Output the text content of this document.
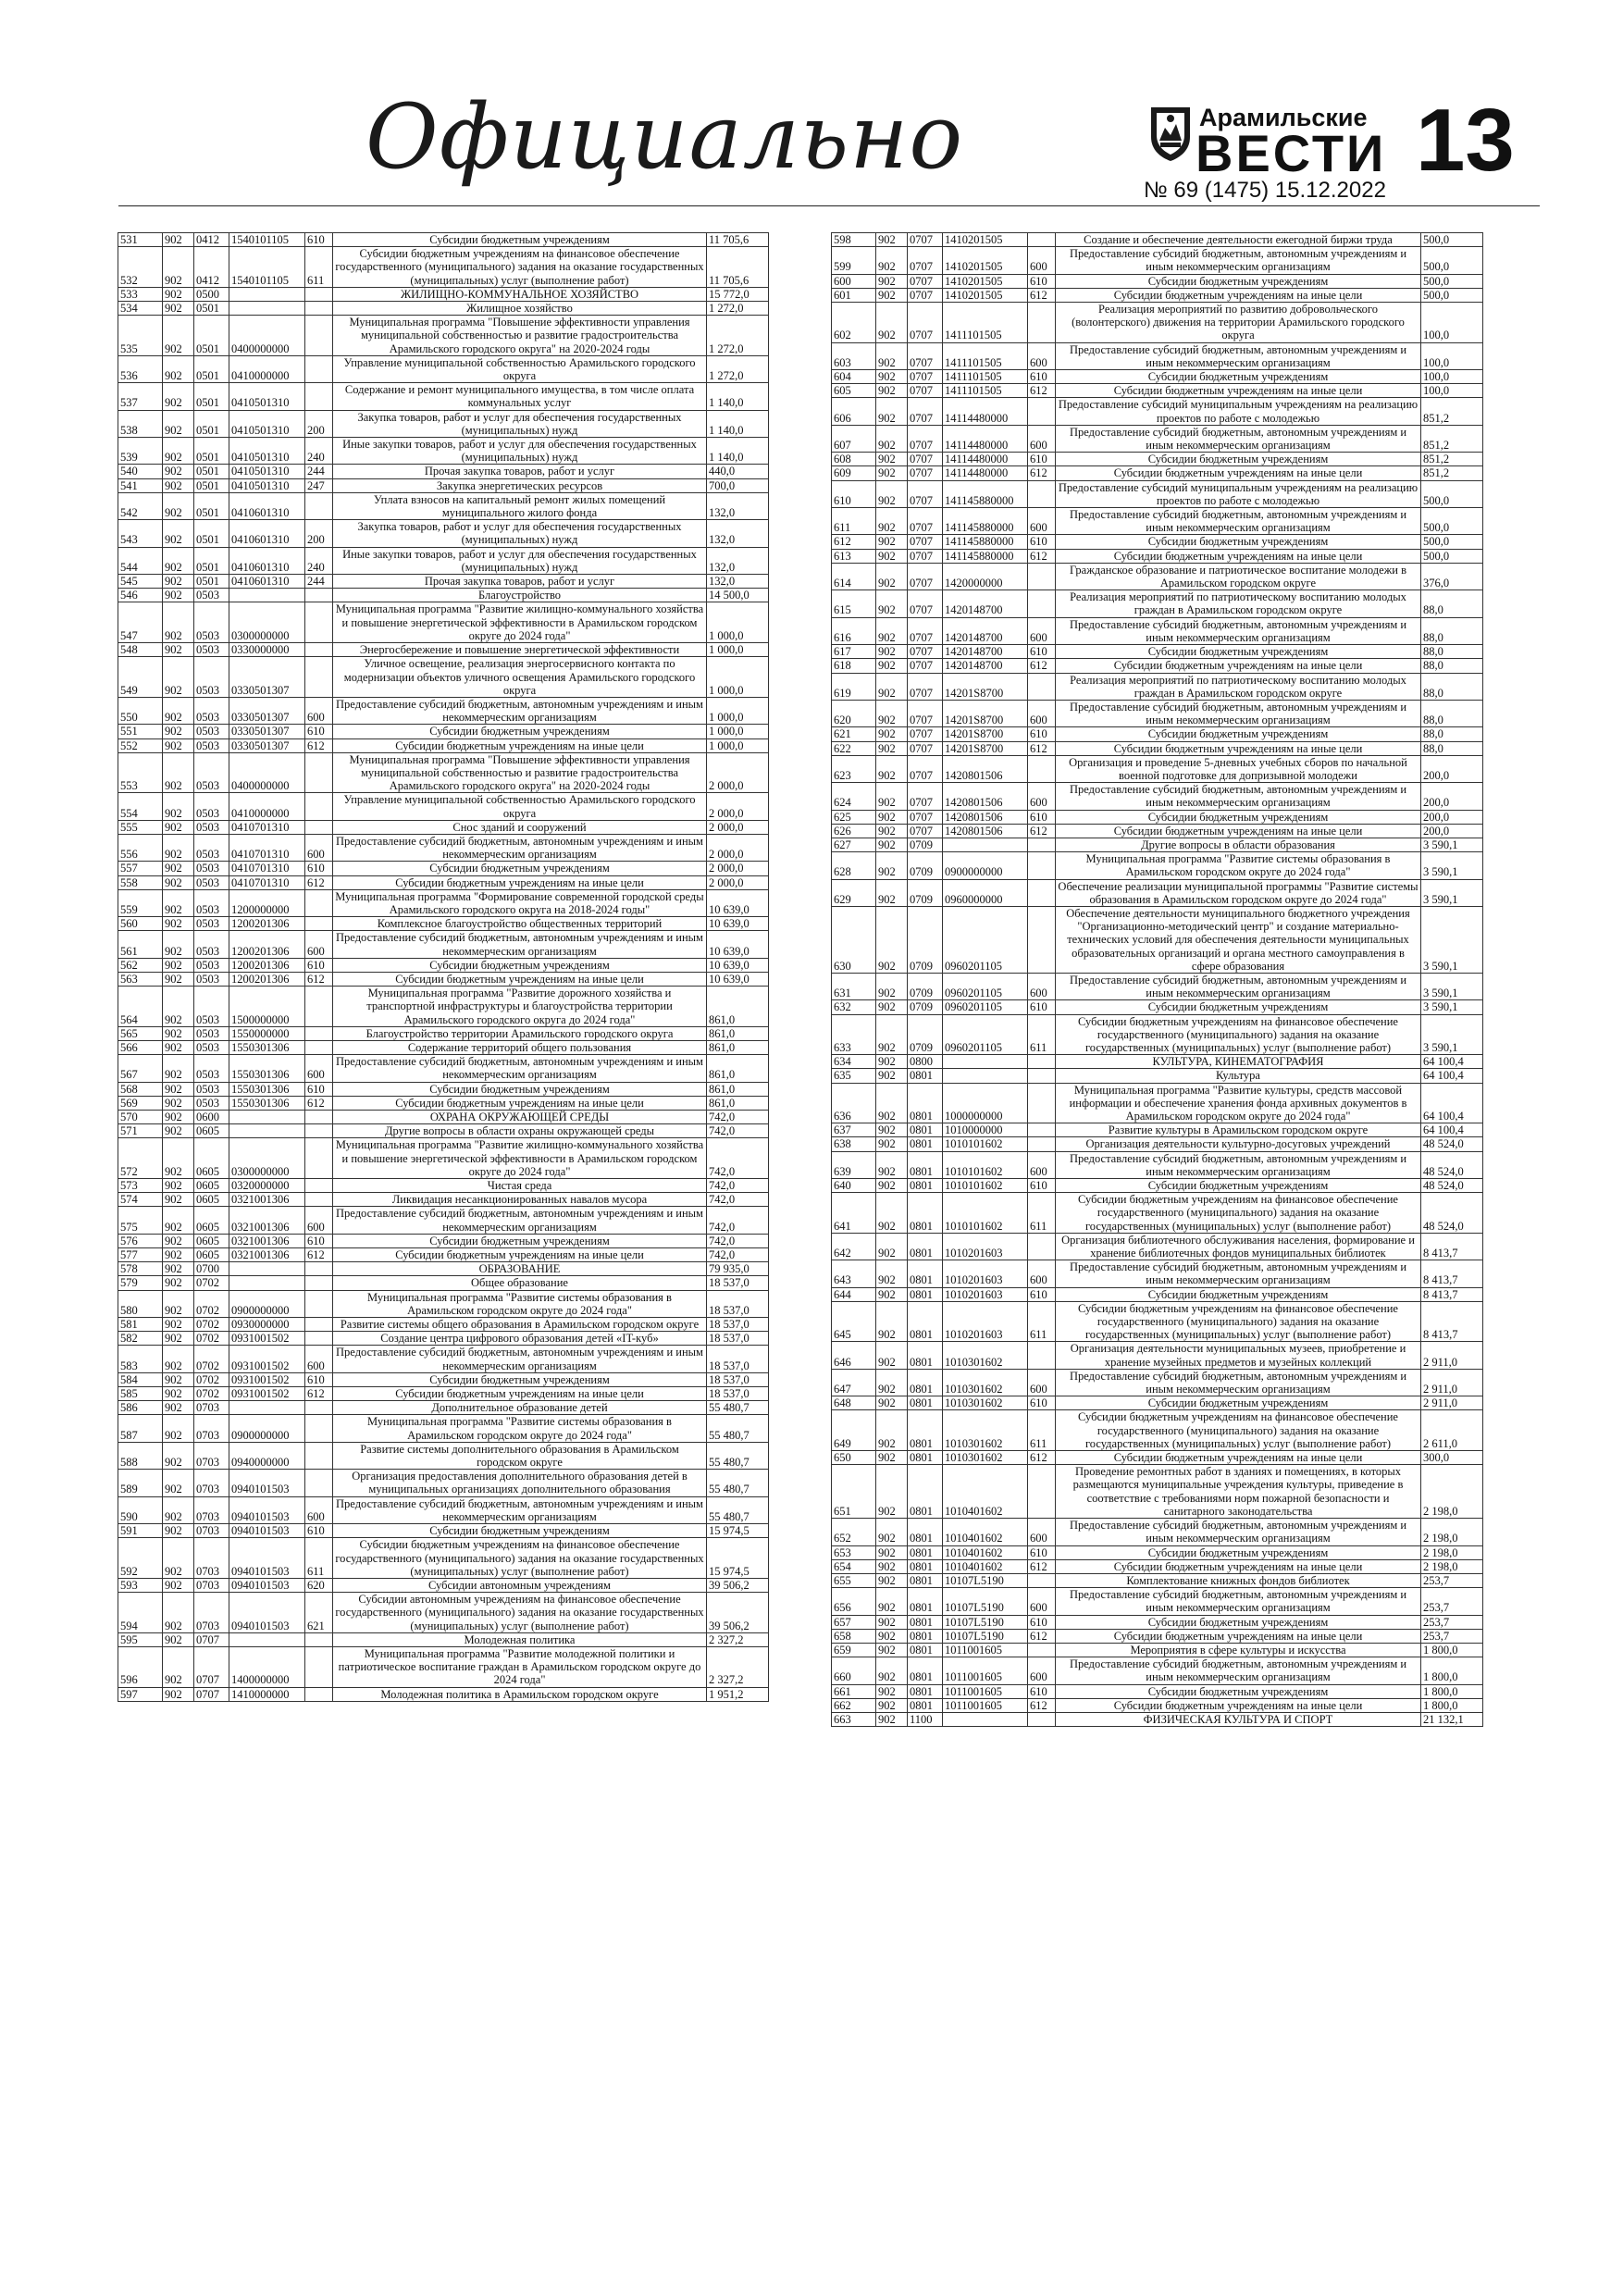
Официально	Арамильские
ВЕСТИ
№ 69 (1475) 15.12.2022
13
531	902	0412	1540101105	610	Субсидии бюджетным учреждениям	11 705,6
532	902	0412	1540101105	611	Субсидии бюджетным учреждениям на финансовое обеспечение государственного (муниципального) задания на оказание государственных (муниципальных) услуг (выполнение работ)	11 705,6
533	902	0500			ЖИЛИЩНО-КОММУНАЛЬНОЕ ХОЗЯЙСТВО	15 772,0
534	902	0501			Жилищное хозяйство	1 272,0
535	902	0501	0400000000		Муниципальная программа "Повышение эффективности управления муниципальной собственностью и развитие градостроительства Арамильского городского округа" на 2020-2024 годы	1 272,0
536	902	0501	0410000000		Управление муниципальной собственностью Арамильского городского округа	1 272,0
537	902	0501	0410501310		Содержание и ремонт муниципального имущества, в том числе оплата коммунальных услуг	1 140,0
538	902	0501	0410501310	200	Закупка товаров, работ и услуг для обеспечения государственных (муниципальных) нужд	1 140,0
539	902	0501	0410501310	240	Иные закупки товаров, работ и услуг для обеспечения государственных (муниципальных) нужд	1 140,0
540	902	0501	0410501310	244	Прочая закупка товаров, работ и услуг	440,0
541	902	0501	0410501310	247	Закупка энергетических ресурсов	700,0
542	902	0501	0410601310		Уплата взносов на капитальный ремонт жилых помещений муниципального жилого фонда	132,0
543	902	0501	0410601310	200	Закупка товаров, работ и услуг для обеспечения государственных (муниципальных) нужд	132,0
544	902	0501	0410601310	240	Иные закупки товаров, работ и услуг для обеспечения государственных (муниципальных) нужд	132,0
545	902	0501	0410601310	244	Прочая закупка товаров, работ и услуг	132,0
546	902	0503			Благоустройство	14 500,0
547	902	0503	0300000000		Муниципальная программа "Развитие жилищно-коммунального хозяйства и повышение энергетической эффективности в Арамильском городском округе до 2024 года"	1 000,0
548	902	0503	0330000000		Энергосбережение и повышение энергетической эффективности	1 000,0
549	902	0503	0330501307		Уличное освещение, реализация энергосервисного контакта по модернизации объектов уличного освещения Арамильского городского округа	1 000,0
550	902	0503	0330501307	600	Предоставление субсидий бюджетным, автономным учреждениям и иным некоммерческим организациям	1 000,0
551	902	0503	0330501307	610	Субсидии бюджетным учреждениям	1 000,0
552	902	0503	0330501307	612	Субсидии бюджетным учреждениям на иные цели	1 000,0
553	902	0503	0400000000		Муниципальная программа "Повышение эффективности управления муниципальной собственностью и развитие градостроительства Арамильского городского округа" на 2020-2024 годы	2 000,0
554	902	0503	0410000000		Управление муниципальной собственностью Арамильского городского округа	2 000,0
555	902	0503	0410701310		Снос зданий и сооружений	2 000,0
556	902	0503	0410701310	600	Предоставление субсидий бюджетным, автономным учреждениям и иным некоммерческим организациям	2 000,0
557	902	0503	0410701310	610	Субсидии бюджетным учреждениям	2 000,0
558	902	0503	0410701310	612	Субсидии бюджетным учреждениям на иные цели	2 000,0
559	902	0503	1200000000		Муниципальная программа "Формирование современной городской среды Арамильского городского округа на 2018-2024 годы"	10 639,0
560	902	0503	1200201306		Комплексное благоустройство общественных территорий	10 639,0
561	902	0503	1200201306	600	Предоставление субсидий бюджетным, автономным учреждениям и иным некоммерческим организациям	10 639,0
562	902	0503	1200201306	610	Субсидии бюджетным учреждениям	10 639,0
563	902	0503	1200201306	612	Субсидии бюджетным учреждениям на иные цели	10 639,0
564	902	0503	1500000000		Муниципальная программа "Развитие дорожного хозяйства и транспортной инфраструктуры и благоустройства территории Арамильского городского округа до 2024 года"	861,0
565	902	0503	1550000000		Благоустройство территории Арамильского городского округа	861,0
566	902	0503	1550301306		Содержание территорий общего пользования	861,0
567	902	0503	1550301306	600	Предоставление субсидий бюджетным, автономным учреждениям и иным некоммерческим организациям	861,0
568	902	0503	1550301306	610	Субсидии бюджетным учреждениям	861,0
569	902	0503	1550301306	612	Субсидии бюджетным учреждениям на иные цели	861,0
570	902	0600			ОХРАНА ОКРУЖАЮЩЕЙ СРЕДЫ	742,0
571	902	0605			Другие вопросы в области охраны окружающей среды	742,0
572	902	0605	0300000000		Муниципальная программа "Развитие жилищно-коммунального хозяйства и повышение энергетической эффективности в Арамильском городском округе до 2024 года"	742,0
573	902	0605	0320000000		Чистая среда	742,0
574	902	0605	0321001306		Ликвидация несанкционированных навалов мусора	742,0
575	902	0605	0321001306	600	Предоставление субсидий бюджетным, автономным учреждениям и иным некоммерческим организациям	742,0
576	902	0605	0321001306	610	Субсидии бюджетным учреждениям	742,0
577	902	0605	0321001306	612	Субсидии бюджетным учреждениям на иные цели	742,0
578	902	0700			ОБРАЗОВАНИЕ	79 935,0
579	902	0702			Общее образование	18 537,0
580	902	0702	0900000000		Муниципальная программа "Развитие системы образования в Арамильском городском округе до 2024 года"	18 537,0
581	902	0702	0930000000		Развитие системы общего образования в Арамильском городском округе	18 537,0
582	902	0702	0931001502		Создание центра цифрового образования детей «IT-куб»	18 537,0
583	902	0702	0931001502	600	Предоставление субсидий бюджетным, автономным учреждениям и иным некоммерческим организациям	18 537,0
584	902	0702	0931001502	610	Субсидии бюджетным учреждениям	18 537,0
585	902	0702	0931001502	612	Субсидии бюджетным учреждениям на иные цели	18 537,0
586	902	0703			Дополнительное образование детей	55 480,7
587	902	0703	0900000000		Муниципальная программа "Развитие системы образования в Арамильском городском округе до 2024 года"	55 480,7
588	902	0703	0940000000		Развитие системы дополнительного образования в Арамильском городском округе	55 480,7
589	902	0703	0940101503		Организация предоставления дополнительного образования детей в муниципальных организациях дополнительного образования	55 480,7
590	902	0703	0940101503	600	Предоставление субсидий бюджетным, автономным учреждениям и иным некоммерческим организациям	55 480,7
591	902	0703	0940101503	610	Субсидии бюджетным учреждениям	15 974,5
592	902	0703	0940101503	611	Субсидии бюджетным учреждениям на финансовое обеспечение государственного (муниципального) задания на оказание государственных (муниципальных) услуг (выполнение работ)	15 974,5
593	902	0703	0940101503	620	Субсидии автономным учреждениям	39 506,2
594	902	0703	0940101503	621	Субсидии автономным учреждениям на финансовое обеспечение государственного (муниципального) задания на оказание государственных (муниципальных) услуг (выполнение работ)	39 506,2
595	902	0707			Молодежная политика	2 327,2
596	902	0707	1400000000		Муниципальная программа "Развитие молодежной политики и патриотическое воспитание граждан в Арамильском городском округе до 2024 года"	2 327,2
597	902	0707	1410000000		Молодежная политика в Арамильском городском округе	1 951,2
598	902	0707	1410201505		Создание и обеспечение деятельности ежегодной биржи труда	500,0
599	902	0707	1410201505	600	Предоставление субсидий бюджетным, автономным учреждениям и иным некоммерческим организациям	500,0
600	902	0707	1410201505	610	Субсидии бюджетным учреждениям	500,0
601	902	0707	1410201505	612	Субсидии бюджетным учреждениям на иные цели	500,0
602	902	0707	1411101505		Реализация мероприятий по развитию добровольческого (волонтерского) движения на территории Арамильского городского округа	100,0
603	902	0707	1411101505	600	Предоставление субсидий бюджетным, автономным учреждениям и иным некоммерческим организациям	100,0
604	902	0707	1411101505	610	Субсидии бюджетным учреждениям	100,0
605	902	0707	1411101505	612	Субсидии бюджетным учреждениям на иные цели	100,0
606	902	0707	14114480000		Предоставление субсидий муниципальным учреждениям на реализацию проектов по работе с молодежью	851,2
607	902	0707	14114480000	600	Предоставление субсидий бюджетным, автономным учреждениям и иным некоммерческим организациям	851,2
608	902	0707	14114480000	610	Субсидии бюджетным учреждениям	851,2
609	902	0707	14114480000	612	Субсидии бюджетным учреждениям на иные цели	851,2
610	902	0707	141145880000		Предоставление субсидий муниципальным учреждениям на реализацию проектов по работе с молодежью	500,0
611	902	0707	141145880000	600	Предоставление субсидий бюджетным, автономным учреждениям и иным некоммерческим организациям	500,0
612	902	0707	141145880000	610	Субсидии бюджетным учреждениям	500,0
613	902	0707	141145880000	612	Субсидии бюджетным учреждениям на иные цели	500,0
614	902	0707	1420000000		Гражданское образование и патриотическое воспитание молодежи в Арамильском городском округе	376,0
615	902	0707	1420148700		Реализация мероприятий по патриотическому воспитанию молодых граждан в Арамильском городском округе	88,0
616	902	0707	1420148700	600	Предоставление субсидий бюджетным, автономным учреждениям и иным некоммерческим организациям	88,0
617	902	0707	1420148700	610	Субсидии бюджетным учреждениям	88,0
618	902	0707	1420148700	612	Субсидии бюджетным учреждениям на иные цели	88,0
619	902	0707	14201S8700		Реализация мероприятий по патриотическому воспитанию молодых граждан в Арамильском городском округе	88,0
620	902	0707	14201S8700	600	Предоставление субсидий бюджетным, автономным учреждениям и иным некоммерческим организациям	88,0
621	902	0707	14201S8700	610	Субсидии бюджетным учреждениям	88,0
622	902	0707	14201S8700	612	Субсидии бюджетным учреждениям на иные цели	88,0
623	902	0707	1420801506		Организация и проведение 5-дневных учебных сборов по начальной военной подготовке для допризывной молодежи	200,0
624	902	0707	1420801506	600	Предоставление субсидий бюджетным, автономным учреждениям и иным некоммерческим организациям	200,0
625	902	0707	1420801506	610	Субсидии бюджетным учреждениям	200,0
626	902	0707	1420801506	612	Субсидии бюджетным учреждениям на иные цели	200,0
627	902	0709			Другие вопросы в области образования	3 590,1
628	902	0709	0900000000		Муниципальная программа "Развитие системы образования в Арамильском городском округе до 2024 года"	3 590,1
629	902	0709	0960000000		Обеспечение реализации муниципальной программы "Развитие системы образования в Арамильском городском округе до 2024 года"	3 590,1
630	902	0709	0960201105		Обеспечение деятельности муниципального бюджетного учреждения "Организационно-методический центр" и создание материально-технических условий для обеспечения деятельности муниципальных образовательных организаций и органа местного самоуправления в сфере образования	3 590,1
631	902	0709	0960201105	600	Предоставление субсидий бюджетным, автономным учреждениям и иным некоммерческим организациям	3 590,1
632	902	0709	0960201105	610	Субсидии бюджетным учреждениям	3 590,1
633	902	0709	0960201105	611	Субсидии бюджетным учреждениям на финансовое обеспечение государственного (муниципального) задания на оказание государственных (муниципальных) услуг (выполнение работ)	3 590,1
634	902	0800			КУЛЬТУРА, КИНЕМАТОГРАФИЯ	64 100,4
635	902	0801			Культура	64 100,4
636	902	0801	1000000000		Муниципальная программа "Развитие культуры, средств массовой информации и обеспечение хранения фонда архивных документов в Арамильском городском округе до 2024 года"	64 100,4
637	902	0801	1010000000		Развитие культуры в Арамильском городском округе	64 100,4
638	902	0801	1010101602		Организация деятельности культурно-досуговых учреждений	48 524,0
639	902	0801	1010101602	600	Предоставление субсидий бюджетным, автономным учреждениям и иным некоммерческим организациям	48 524,0
640	902	0801	1010101602	610	Субсидии бюджетным учреждениям	48 524,0
641	902	0801	1010101602	611	Субсидии бюджетным учреждениям на финансовое обеспечение государственного (муниципального) задания на оказание государственных (муниципальных) услуг (выполнение работ)	48 524,0
642	902	0801	1010201603		Организация библиотечного обслуживания населения, формирование и хранение библиотечных фондов муниципальных библиотек	8 413,7
643	902	0801	1010201603	600	Предоставление субсидий бюджетным, автономным учреждениям и иным некоммерческим организациям	8 413,7
644	902	0801	1010201603	610	Субсидии бюджетным учреждениям	8 413,7
645	902	0801	1010201603	611	Субсидии бюджетным учреждениям на финансовое обеспечение государственного (муниципального) задания на оказание государственных (муниципальных) услуг (выполнение работ)	8 413,7
646	902	0801	1010301602		Организация деятельности муниципальных музеев, приобретение и хранение музейных предметов и музейных коллекций	2 911,0
647	902	0801	1010301602	600	Предоставление субсидий бюджетным, автономным учреждениям и иным некоммерческим организациям	2 911,0
648	902	0801	1010301602	610	Субсидии бюджетным учреждениям	2 911,0
649	902	0801	1010301602	611	Субсидии бюджетным учреждениям на финансовое обеспечение государственного (муниципального) задания на оказание государственных (муниципальных) услуг (выполнение работ)	2 611,0
650	902	0801	1010301602	612	Субсидии бюджетным учреждениям на иные цели	300,0
651	902	0801	1010401602		Проведение ремонтных работ в зданиях и помещениях, в которых размещаются муниципальные учреждения культуры, приведение в соответствие с требованиями норм пожарной безопасности и санитарного законодательства	2 198,0
652	902	0801	1010401602	600	Предоставление субсидий бюджетным, автономным учреждениям и иным некоммерческим организациям	2 198,0
653	902	0801	1010401602	610	Субсидии бюджетным учреждениям	2 198,0
654	902	0801	1010401602	612	Субсидии бюджетным учреждениям на иные цели	2 198,0
655	902	0801	10107L5190		Комплектование книжных фондов библиотек	253,7
656	902	0801	10107L5190	600	Предоставление субсидий бюджетным, автономным учреждениям и иным некоммерческим организациям	253,7
657	902	0801	10107L5190	610	Субсидии бюджетным учреждениям	253,7
658	902	0801	10107L5190	612	Субсидии бюджетным учреждениям на иные цели	253,7
659	902	0801	1011001605		Мероприятия в сфере культуры и искусства	1 800,0
660	902	0801	1011001605	600	Предоставление субсидий бюджетным, автономным учреждениям и иным некоммерческим организациям	1 800,0
661	902	0801	1011001605	610	Субсидии бюджетным учреждениям	1 800,0
662	902	0801	1011001605	612	Субсидии бюджетным учреждениям на иные цели	1 800,0
663	902	1100			ФИЗИЧЕСКАЯ КУЛЬТУРА И СПОРТ	21 132,1
